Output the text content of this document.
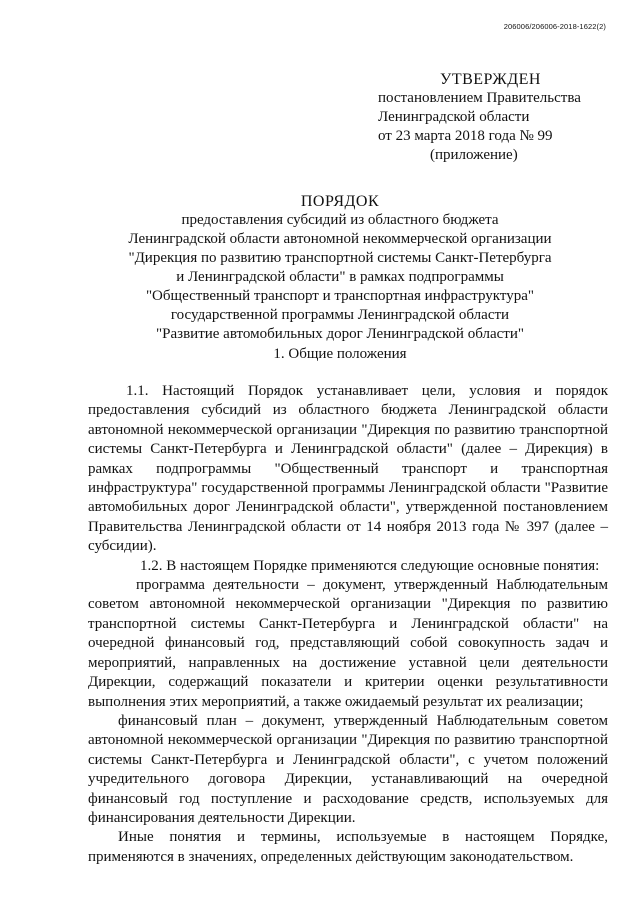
206006/206006-2018-1622(2)
УТВЕРЖДЕН
постановлением Правительства
Ленинградской области
от 23 марта 2018 года № 99
(приложение)
ПОРЯДОК
предоставления субсидий из областного бюджета
Ленинградской области автономной некоммерческой организации
"Дирекция по развитию транспортной системы Санкт-Петербурга
и Ленинградской области" в рамках подпрограммы
"Общественный транспорт и транспортная инфраструктура"
государственной программы Ленинградской области
"Развитие автомобильных дорог Ленинградской области"
1. Общие положения

1.1. Настоящий Порядок устанавливает цели, условия и порядок предоставления субсидий из областного бюджета Ленинградской области автономной некоммерческой организации "Дирекция по развитию транспортной системы Санкт-Петербурга и Ленинградской области" (далее – Дирекция) в рамках подпрограммы "Общественный транспорт и транспортная инфраструктура" государственной программы Ленинградской области "Развитие автомобильных дорог Ленинградской области", утвержденной постановлением Правительства Ленинградской области от 14 ноября 2013 года № 397 (далее – субсидии).

1.2. В настоящем Порядке применяются следующие основные понятия:

программа деятельности – документ, утвержденный Наблюдательным советом автономной некоммерческой организации "Дирекция по развитию транспортной системы Санкт-Петербурга и Ленинградской области" на очередной финансовый год, представляющий собой совокупность задач и мероприятий, направленных на достижение уставной цели деятельности Дирекции, содержащий показатели и критерии оценки результативности выполнения этих мероприятий, а также ожидаемый результат их реализации;

финансовый план – документ, утвержденный Наблюдательным советом автономной некоммерческой организации "Дирекция по развитию транспортной системы Санкт-Петербурга и Ленинградской области", с учетом положений учредительного договора Дирекции, устанавливающий на очередной финансовый год поступление и расходование средств, используемых для финансирования деятельности Дирекции.

Иные понятия и термины, используемые в настоящем Порядке, применяются в значениях, определенных действующим законодательством.
